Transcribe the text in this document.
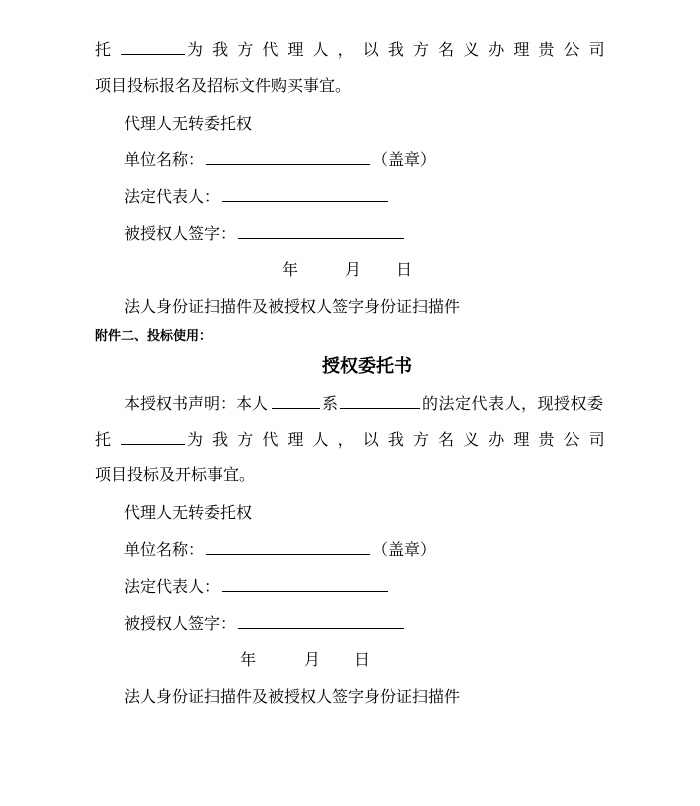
托	为我方代理人，以我方名义办理贵公司
项目投标报名及招标文件购买事宜。
代理人无转委托权
单位名称：	（盖章）
法定代表人：
被授权人签字：
年	月 日
法人身份证扫描件及被授权人签字身份证扫描件
附件二、投标使用：
授权委托书
本授权书声明：本人	系	的法定代表人，现授权委
托	为我方代理人，以我方名义办理贵公司
项目投标及开标事宜。
代理人无转委托权
单位名称：	（盖章）
法定代表人：
被授权人签字：
年	月 日
法人身份证扫描件及被授权人签字身份证扫描件
